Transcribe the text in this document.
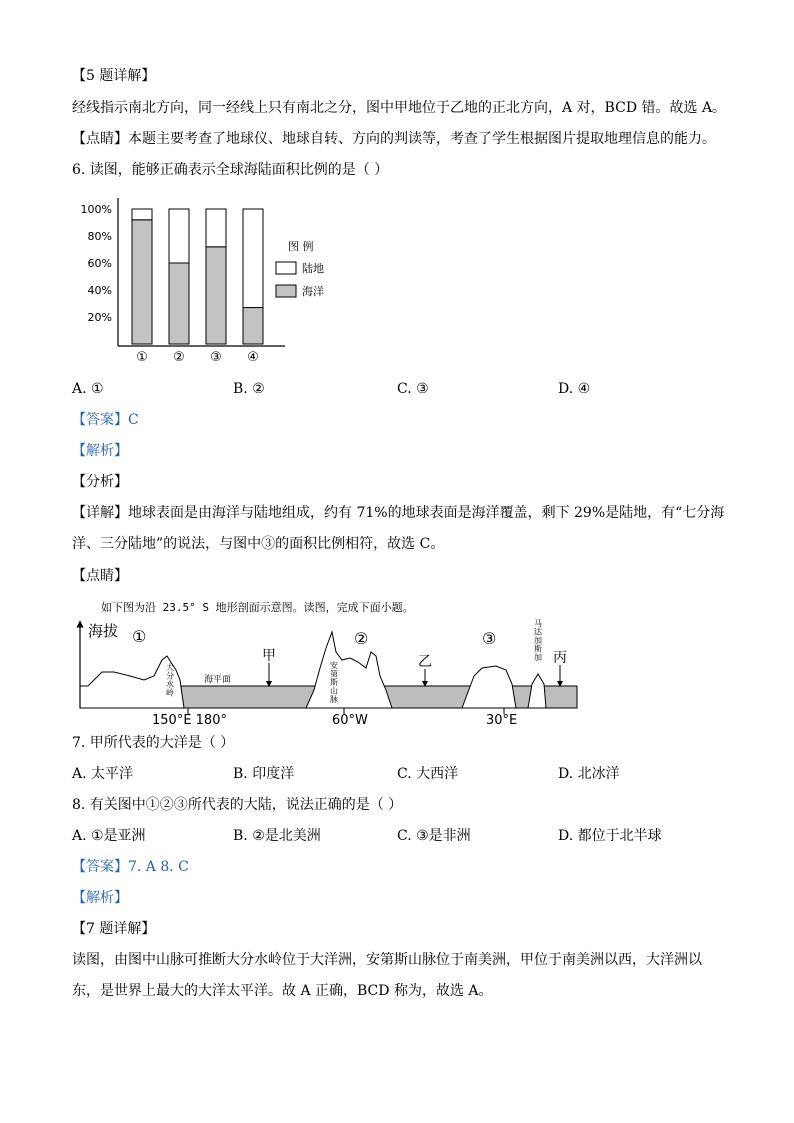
【5 题详解】
经线指示南北方向，同一经线上只有南北之分，图中甲地位于乙地的正北方向，A 对，BCD 错。故选 A。
【点睛】本题主要考查了地球仪、地球自转、方向的判读等，考查了学生根据图片提取地理信息的能力。
6. 读图，能够正确表示全球海陆面积比例的是（ ）
20%
40%
60%
80%
100%
① ② ③ ④
图 例
陆地
海洋
A. ①	B. ②	C. ③	D. ④
【答案】C
【解析】
【分析】
【详解】地球表面是由海洋与陆地组成，约有 71%的地球表面是海洋覆盖，剩下 29%是陆地，有“七分海
洋、三分陆地”的说法，与图中③的面积比例相符，故选 C。
【点睛】
如下图为沿 23.5° S 地形剖面示意图。读图，完成下面小题。
海拔 ①	②	③
海平面
甲	乙	丙
大分水岭
安第斯山脉
马达加斯加
150°E 180°	60°W	30°E
7. 甲所代表的大洋是（ ）
A. 太平洋	B. 印度洋	C. 大西洋	D. 北冰洋
8. 有关图中①②③所代表的大陆，说法正确的是（ ）
A. ①是亚洲	B. ②是北美洲	C. ③是非洲	D. 都位于北半球
【答案】7. A 8. C
【解析】
【7 题详解】
读图，由图中山脉可推断大分水岭位于大洋洲，安第斯山脉位于南美洲，甲位于南美洲以西，大洋洲以
东，是世界上最大的大洋太平洋。故 A 正确，BCD 称为，故选 A。
